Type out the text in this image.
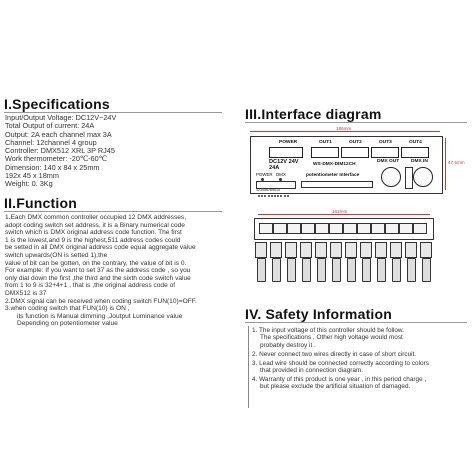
I.Specifications
Input/Output Voltage: DC12V~24V
Total Output of current: 24A
Output: 2A each channel max 3A
Channel: 12channel 4 group
Controller: DMX512 XRL 3P RJ45
Work thermometer: -20℃-60℃
Dimension: 140 x 84 x 25mm
192x 45 x 18mm
Weight: 0. 3Kg
II.Function
1.Each DMX common controller occupied 12 DMX addresses,
adopt coding switch set address, it is a Binary numerical code
switch which is DMX original address code function. The first
1 is the lowest,and 9 is the highest,511 address codes could
be setted in all DMX original address code equal aggregate value
switch upwards(ON is setted 1),the
value of bit can be gotten, on the contrary, the value of bit is 0.
For example: If you want to set 37 as the address code , so you
only dial down the first ,the third and the sixth code switch value
from 1 to 9 is 32+4+1 , that is ,the original address code of
DMX512 is 37
2.DMX signal can be received when coding switch FUN(10)=OFF.
3.when coding switch that FUN(10) is ON ,
its function is Manual dimming ,Joutput Luminance value
Depending on potentiometer value
III.Interface diagram
186mm
47.5mm
POWER	OUT1	OUT2	OUT3	OUT4
DC12V 24V
24A
WS-DMX-DIM12CH
POWER DMX
123456789010
potentiometer Interface
DMX OUT DMX IN
162mm
IV. Safety Information
1. The input voltage of this controller should be follow.
The specifications , Other high voltage would most
probably destroy it .
2. Never connect two wires directly in case of short circuit.
3. Lead wire should be connected correctly according to colors
that provided in connection diagram.
4. Warranty of this product is one year , in this period charge ,
but please exclude the artificial situation of damaged.
